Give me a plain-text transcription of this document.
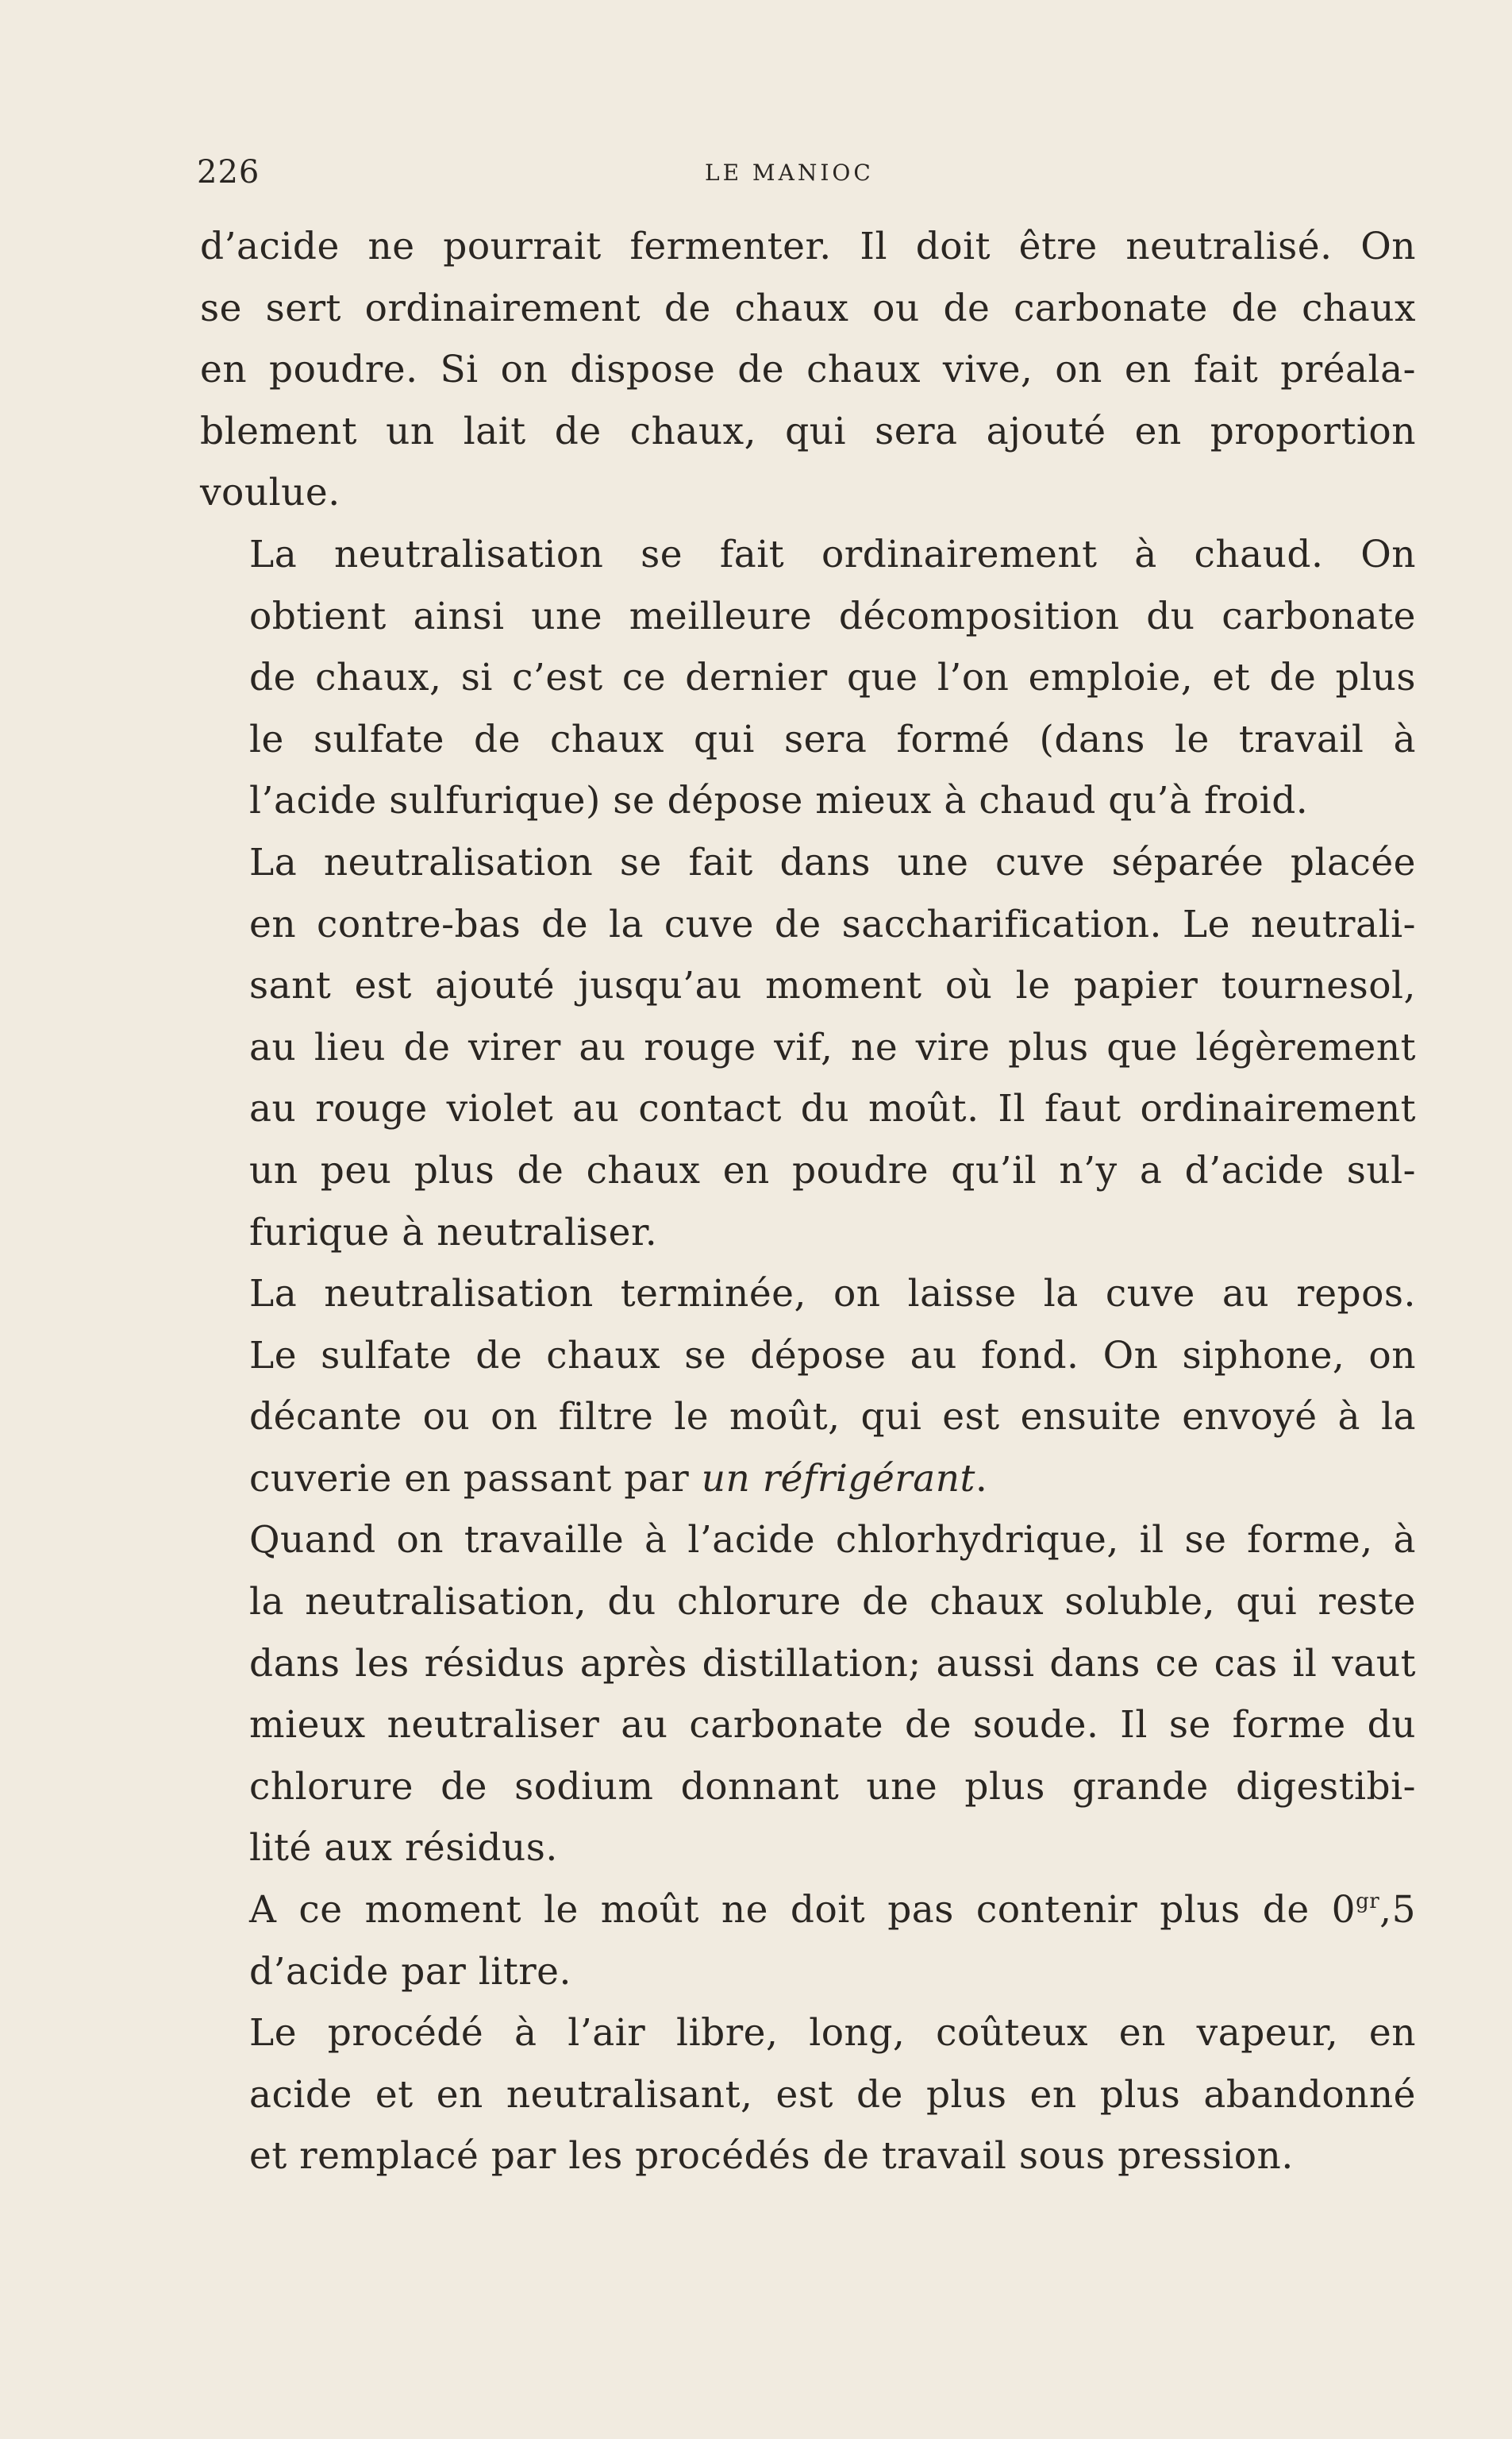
226	LE MANIOC

d’acide ne pourrait fermenter. Il doit être neutralisé. On
se sert ordinairement de chaux ou de carbonate de chaux
en poudre. Si on dispose de chaux vive, on en fait préala-
blement un lait de chaux, qui sera ajouté en proportion
voulue.

La neutralisation se fait ordinairement à chaud. On
obtient ainsi une meilleure décomposition du carbonate
de chaux, si c’est ce dernier que l’on emploie, et de plus
le sulfate de chaux qui sera formé (dans le travail à
l’acide sulfurique) se dépose mieux à chaud qu’à froid.

La neutralisation se fait dans une cuve séparée placée
en contre-bas de la cuve de saccharification. Le neutrali-
sant est ajouté jusqu’au moment où le papier tournesol,
au lieu de virer au rouge vif, ne vire plus que légèrement
au rouge violet au contact du moût. Il faut ordinairement
un peu plus de chaux en poudre qu’il n’y a d’acide sul-
furique à neutraliser.

La neutralisation terminée, on laisse la cuve au repos.
Le sulfate de chaux se dépose au fond. On siphone, on
décante ou on filtre le moût, qui est ensuite envoyé à la
cuverie en passant par un réfrigérant.

Quand on travaille à l’acide chlorhydrique, il se forme, à
la neutralisation, du chlorure de chaux soluble, qui reste
dans les résidus après distillation; aussi dans ce cas il vaut
mieux neutraliser au carbonate de soude. Il se forme du
chlorure de sodium donnant une plus grande digestibi-
lité aux résidus.

A ce moment le moût ne doit pas contenir plus de $0^{gr},5$
d’acide par litre.

Le procédé à l’air libre, long, coûteux en vapeur, en
acide et en neutralisant, est de plus en plus abandonné
et remplacé par les procédés de travail sous pression.
